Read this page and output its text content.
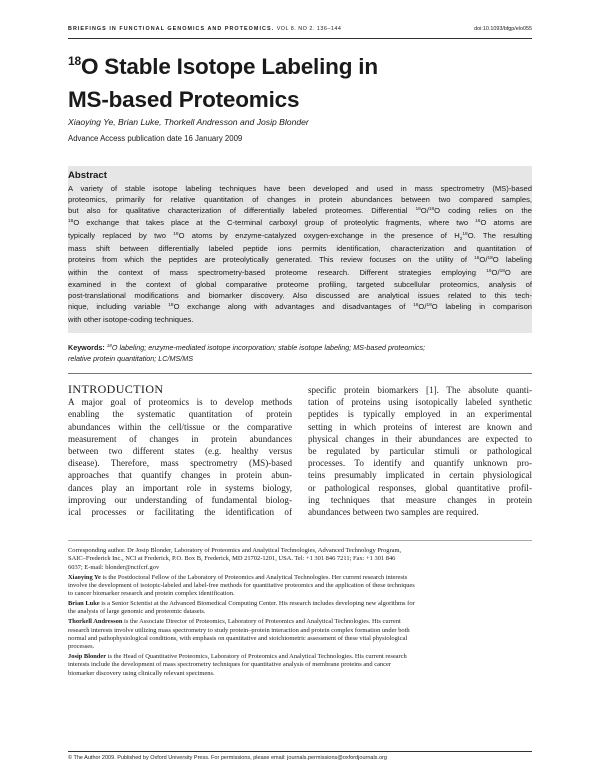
BRIEFINGS IN FUNCTIONAL GENOMICS AND PROTEOMICS. VOL 8. NO 2. 136–144	doi:10.1093/bfgp/elo055
$^{18}$O Stable Isotope Labeling in
MS-based Proteomics
Xiaoying Ye, Brian Luke, Thorkell Andresson and Josip Blonder
Advance Access publication date 16 January 2009
Abstract
A variety of stable isotope labeling techniques have been developed and used in mass spectrometry (MS)-based
proteomics, primarily for relative quantitation of changes in protein abundances between two compared samples,
but also for qualitative characterization of differentially labeled proteomes. Differential $^{16}$O/$^{18}$O coding relies on the
$^{18}$O exchange that takes place at the C-terminal carboxyl group of proteolytic fragments, where two $^{16}$O atoms are
typically replaced by two $^{18}$O atoms by enzyme-catalyzed oxygen-exchange in the presence of $H_2^{18}O$. The resulting
mass shift between differentially labeled peptide ions permits identification, characterization and quantitation of
proteins from which the peptides are proteolytically generated. This review focuses on the utility of $^{16}$O/$^{18}$O labeling
within the context of mass spectrometry-based proteome research. Different strategies employing $^{16}$O/$^{18}$O are
examined in the context of global comparative proteome profiling, targeted subcellular proteomics, analysis of
post-translational modifications and biomarker discovery. Also discussed are analytical issues related to this tech-
nique, including variable $^{18}$O exchange along with advantages and disadvantages of $^{16}$O/$^{18}$O labeling in comparison
with other isotope-coding techniques.
Keywords: $^{18}$O labeling; enzyme-mediated isotope incorporation; stable isotope labeling; MS-based proteomics;
relative protein quantitation; LC/MS/MS
INTRODUCTION
A major goal of proteomics is to develop methods
enabling the systematic quantitation of protein
abundances within the cell/tissue or the comparative
measurement of changes in protein abundances
between two different states (e.g. healthy versus
disease). Therefore, mass spectrometry (MS)-based
approaches that quantify changes in protein abun-
dances play an important role in systems biology,
improving our understanding of fundamental biolog-
ical processes or facilitating the identification of
specific protein biomarkers [1]. The absolute quanti-
tation of proteins using isotopically labeled synthetic
peptides is typically employed in an experimental
setting in which proteins of interest are known and
physical changes in their abundances are expected to
be regulated by particular stimuli or pathological
processes. To identify and quantify unknown pro-
teins presumably implicated in certain physiological
or pathological responses, global quantitative profil-
ing techniques that measure changes in protein
abundances between two samples are required.
Corresponding author. Dr Josip Blonder, Laboratory of Proteomics and Analytical Technologies, Advanced Technology Program,
SAIC–Frederick Inc., NCI at Frederick, P.O. Box B, Frederick, MD 21702-1201, USA. Tel: +1 301 846 7211; Fax: +1 301 846
6037; E-mail: blonder@ncifcrf.gov
Xiaoying Ye is the Postdoctoral Fellow of the Laboratory of Proteomics and Analytical Technologies. Her current research interests
involve the development of isotopic-labeled and label-free methods for quantitative proteomics and the application of these techniques
to cancer biomarker research and protein complex identification.
Brian Luke is a Senior Scientist at the Advanced Biomedical Computing Center. His research includes developing new algorithms for
the analysis of large genomic and proteomic datasets.
Thorkell Andresson is the Associate Director of Proteomics, Laboratory of Proteomics and Analytical Technologies. His current
research interests involve utilizing mass spectrometry to study protein–protein interaction and protein complex formation under both
normal and pathophysiological conditions, with emphasis on quantitative and stoichiometric assessment of these vital physiological
processes.
Josip Blonder is the Head of Quantitative Proteomics, Laboratory of Proteomics and Analytical Technologies. His current research
interests include the development of mass spectrometry techniques for quantitative analysis of membrane proteins and cancer
biomarker discovery using clinically relevant specimens.
© The Author 2009. Published by Oxford University Press. For permissions, please email: journals.permissions@oxfordjournals.org
